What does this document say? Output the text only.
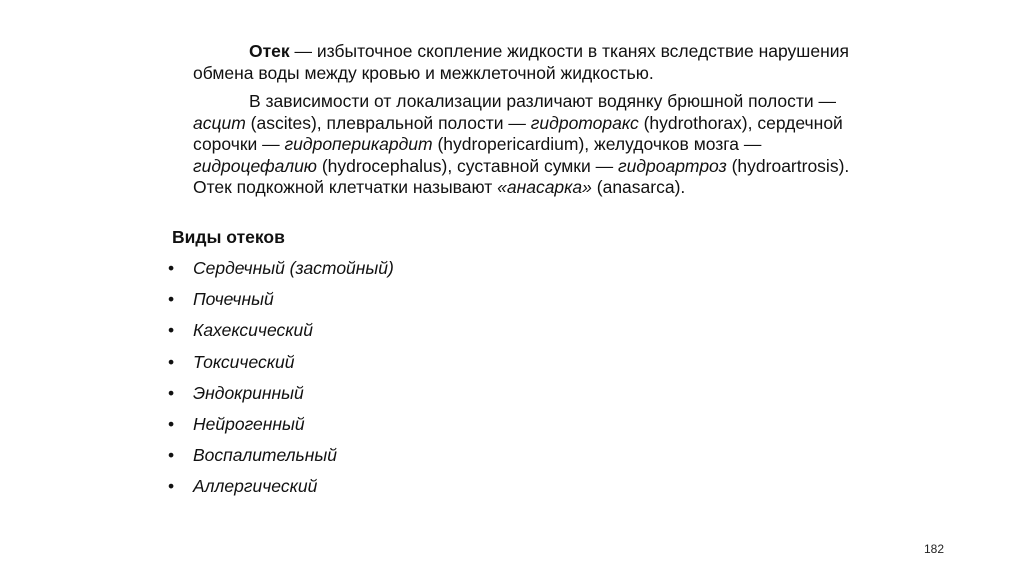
Отек — избыточное скопление жидкости в тканях вследствие нарушения обмена воды между кровью и межклеточной жидкостью.

В зависимости от локализации различают водянку брюшной полости — асцит (ascites), плевральной полости — гидроторакс (hydrothorax), сердечной сорочки — гидроперикардит (hydropericardium), желудочков мозга — гидроцефалию (hydrocephalus), суставной сумки — гидроартроз (hydroartrosis). Отек подкожной клетчатки называют «анасарка» (anasarca).

Виды отеков

• Сердечный (застойный)
• Почечный
• Кахексический
• Токсический
• Эндокринный
• Нейрогенный
• Воспалительный
• Аллергический
182
